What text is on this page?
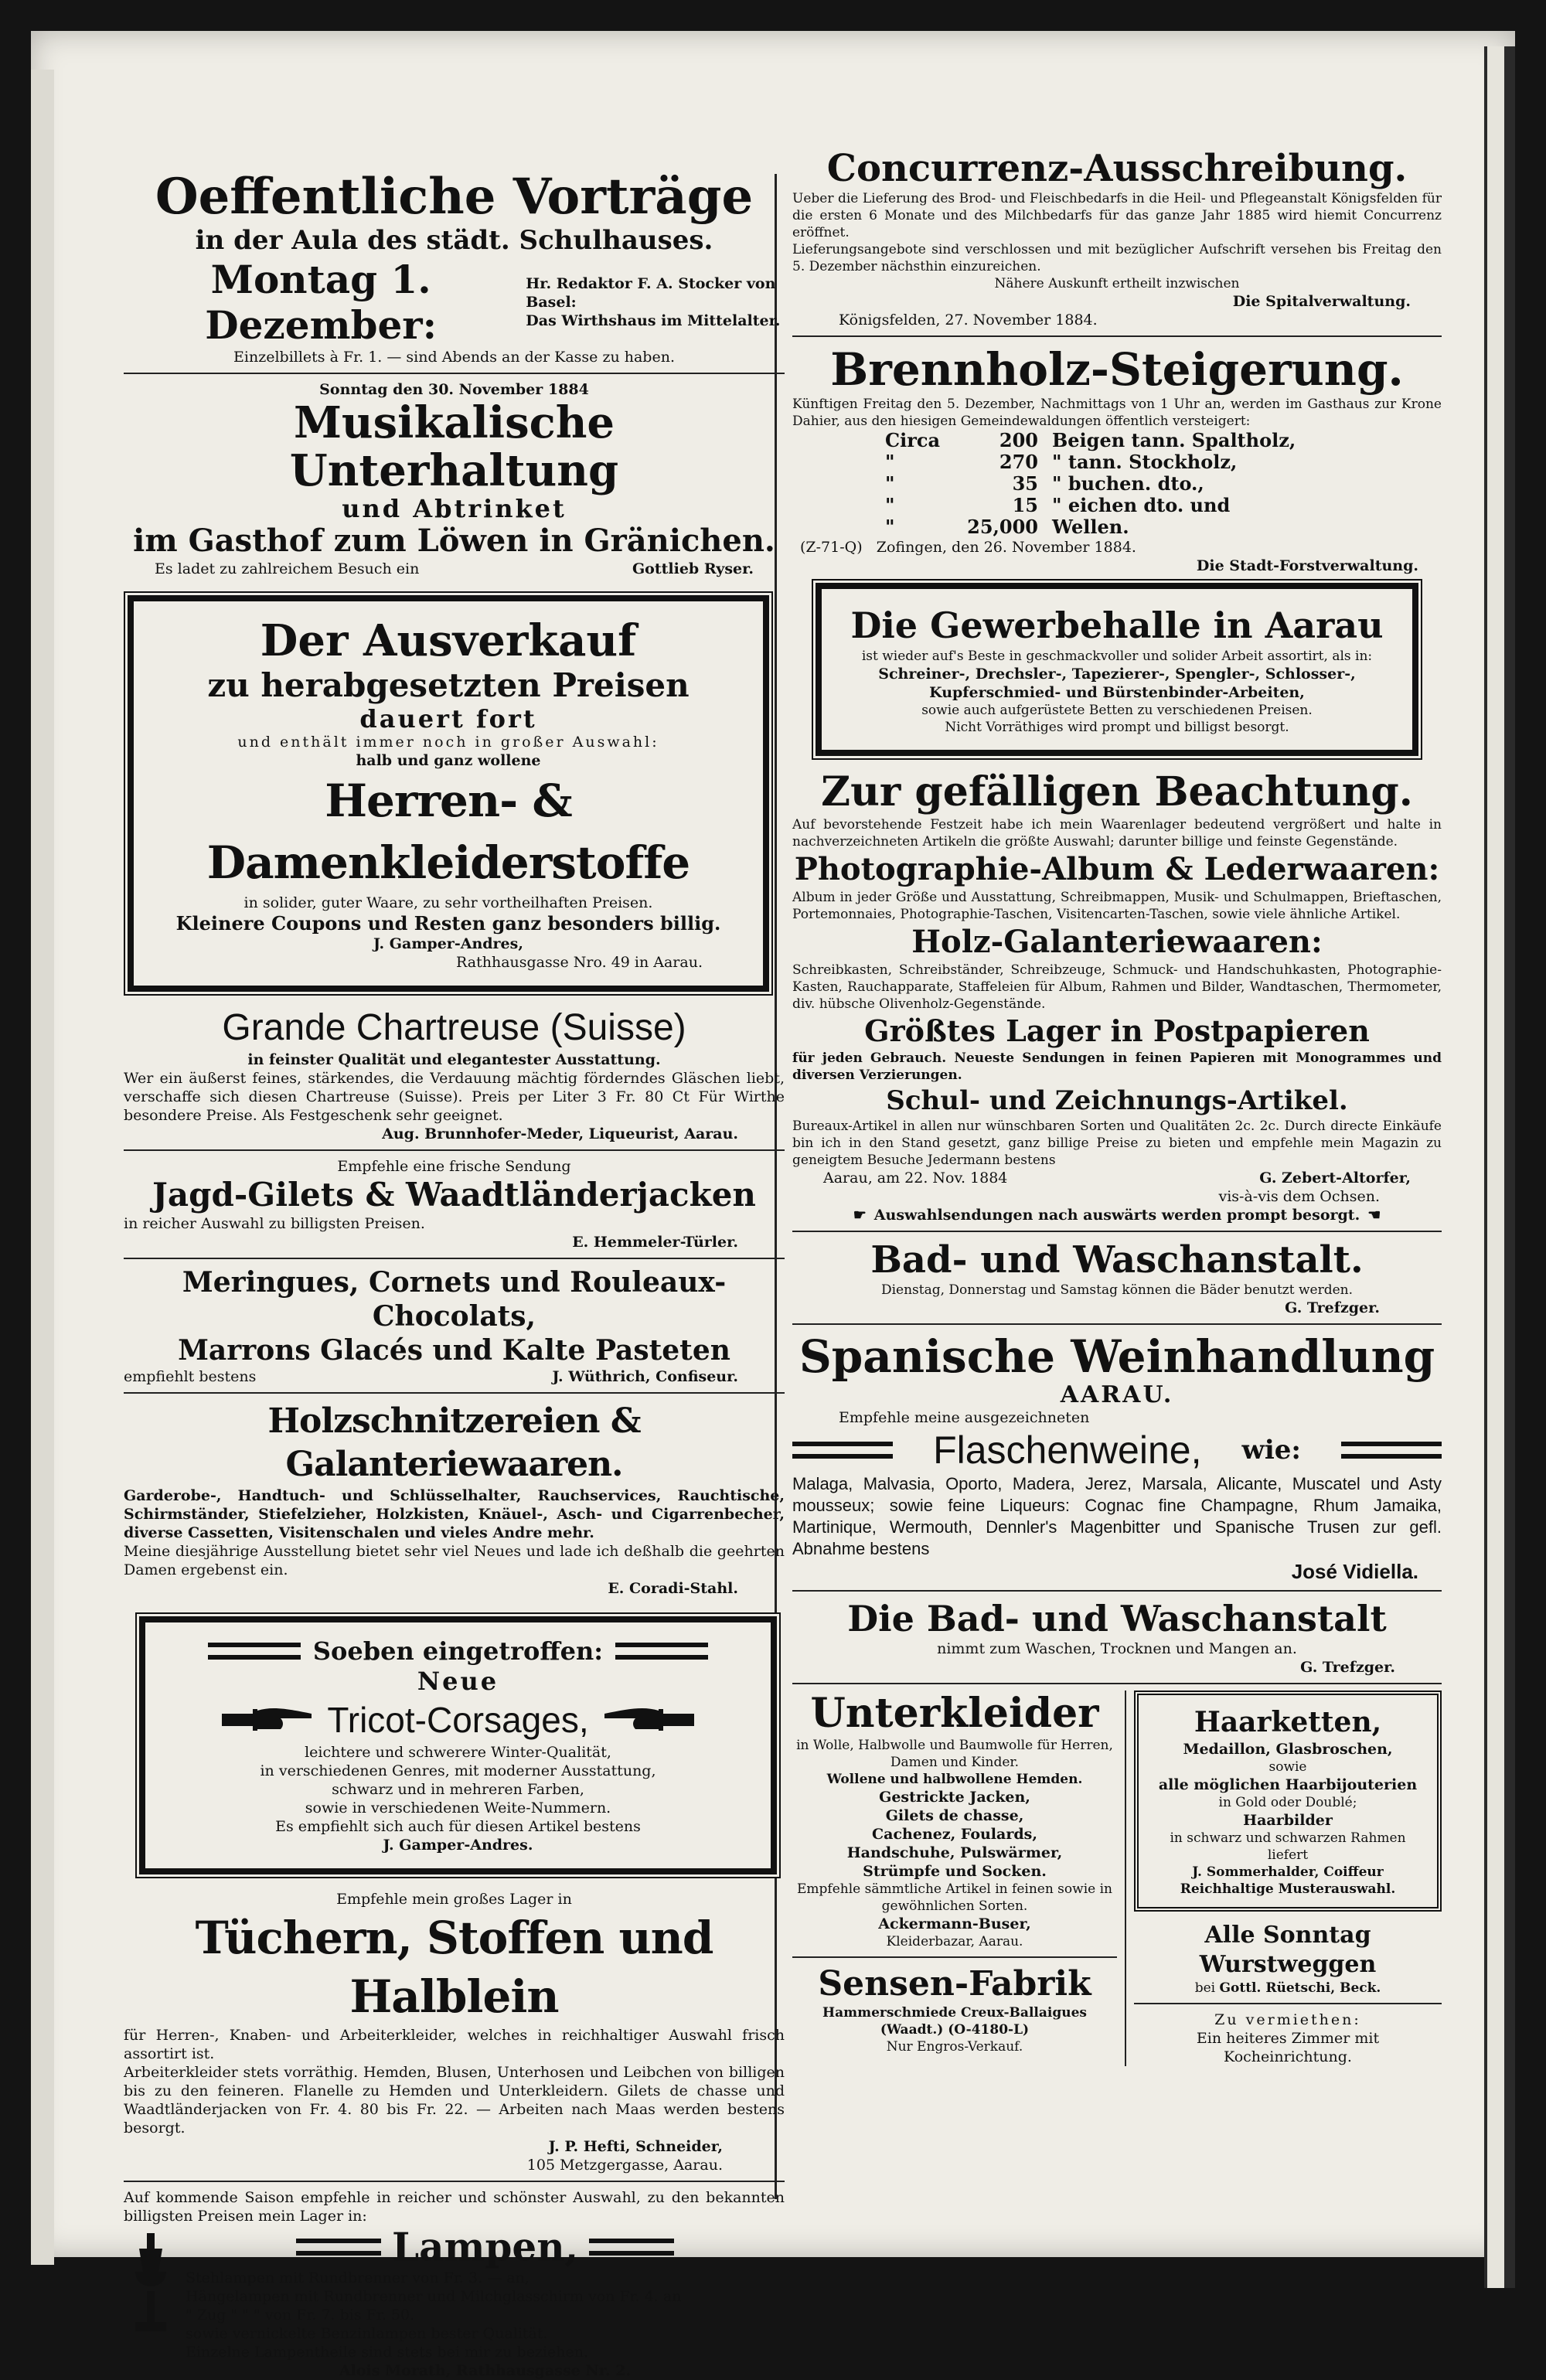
Oeffentliche Vorträge
in der Aula des städt. Schulhauses.
Montag 1. Dezember:
Hr. Redaktor F. A. Stocker von Basel:
Das Wirthshaus im Mittelalter.
Einzelbillets à Fr. 1. — sind Abends an der Kasse zu haben.
Sonntag den 30. November 1884
Musikalische Unterhaltung
und Abtrinket
im Gasthof zum Löwen in Gränichen.
Es ladet zu zahlreichem Besuch ein	Gottlieb Ryser.
Der Ausverkauf
zu herabgesetzten Preisen
dauert fort
und enthält immer noch in großer Auswahl:
halb und ganz wollene
Herren- & Damenkleiderstoffe
in solider, guter Waare, zu sehr vortheilhaften Preisen.
Kleinere Coupons und Resten ganz besonders billig.
J. Gamper-Andres,
Rathhausgasse Nro. 49 in Aarau.
Grande Chartreuse (Suisse)
in feinster Qualität und elegantester Ausstattung.
Wer ein äußerst feines, stärkendes, die Verdauung mächtig förderndes Gläschen liebt, verschaffe sich diesen Chartreuse (Suisse). Preis per Liter 3 Fr. 80 Ct Für Wirthe besondere Preise. Als Festgeschenk sehr geeignet.
Aug. Brunnhofer-Meder, Liqueurist, Aarau.
Empfehle eine frische Sendung
Jagd-Gilets & Waadtländerjacken
in reicher Auswahl zu billigsten Preisen.
E. Hemmeler-Türler.
Meringues, Cornets und Rouleaux-Chocolats,
Marrons Glacés und Kalte Pasteten
empfiehlt bestens	J. Wüthrich, Confiseur.
Holzschnitzereien & Galanteriewaaren.
Garderobe-, Handtuch- und Schlüsselhalter, Rauchservices, Rauchtische, Schirmständer, Stiefelzieher, Holzkisten, Knäuel-, Asch- und Cigarrenbecher, diverse Cassetten, Visitenschalen und vieles Andre mehr.
Meine diesjährige Ausstellung bietet sehr viel Neues und lade ich deßhalb die geehrten Damen ergebenst ein.
E. Coradi-Stahl.
Soeben eingetroffen:
Neue
Tricot-Corsages,
leichtere und schwerere Winter-Qualität,
in verschiedenen Genres, mit moderner Ausstattung,
schwarz und in mehreren Farben,
sowie in verschiedenen Weite-Nummern.
Es empfiehlt sich auch für diesen Artikel bestens
J. Gamper-Andres.
Empfehle mein großes Lager in
Tüchern, Stoffen und Halblein
für Herren-, Knaben- und Arbeiterkleider, welches in reichhaltiger Auswahl frisch assortirt ist.
Arbeiterkleider stets vorräthig. Hemden, Blusen, Unterhosen und Leibchen von billigen bis zu den feineren. Flanelle zu Hemden und Unterkleidern. Gilets de chasse und Waadtländerjacken von Fr. 4. 80 bis Fr. 22. — Arbeiten nach Maas werden bestens besorgt.
J. P. Hefti, Schneider,
105 Metzgergasse, Aarau.
Auf kommende Saison empfehle in reicher und schönster Auswahl, zu den bekannten billigsten Preisen mein Lager in:
Lampen,
Stehlampen mit Rundbrenner von Fr. 3. — an,
Hängelampen mit Rundbrenner und Milchglasschirm von Fr. 4. an
" Zug " " " von Fr. 7. bis Fr. 50.
sowie vernickelte Benzinlampen bester Qualität.
Einzelne Lampentheile sind stets bei mir zu beziehen.
Alois Morath, Rathhausgasse Nr. 2.
Concurrenz-Ausschreibung.
Ueber die Lieferung des Brod- und Fleischbedarfs in die Heil- und Pflegeanstalt Königsfelden für die ersten 6 Monate und des Milchbedarfs für das ganze Jahr 1885 wird hiemit Concurrenz eröffnet.
Lieferungsangebote sind verschlossen und mit bezüglicher Aufschrift versehen bis Freitag den 5. Dezember nächsthin einzureichen.
Nähere Auskunft ertheilt inzwischen
Die Spitalverwaltung.
Königsfelden, 27. November 1884.
Brennholz-Steigerung.
Künftigen Freitag den 5. Dezember, Nachmittags von 1 Uhr an, werden im Gasthaus zur Krone Dahier, aus den hiesigen Gemeindewaldungen öffentlich versteigert:
Circa	200 Beigen tann. Spaltholz,
"	270 " tann. Stockholz,
"	35 " buchen. dto.,
"	15 " eichen dto. und
"	25,000 Wellen.
(Z-71-Q) Zofingen, den 26. November 1884.
Die Stadt-Forstverwaltung.
Die Gewerbehalle in Aarau
ist wieder auf's Beste in geschmackvoller und solider Arbeit assortirt, als in:
Schreiner-, Drechsler-, Tapezierer-, Spengler-, Schlosser-,
Kupferschmied- und Bürstenbinder-Arbeiten,
sowie auch aufgerüstete Betten zu verschiedenen Preisen.
Nicht Vorräthiges wird prompt und billigst besorgt.
Zur gefälligen Beachtung.
Auf bevorstehende Festzeit habe ich mein Waarenlager bedeutend vergrößert und halte in nachverzeichneten Artikeln die größte Auswahl; darunter billige und feinste Gegenstände.
Photographie-Album & Lederwaaren:
Album in jeder Größe und Ausstattung, Schreibmappen, Musik- und Schulmappen, Brieftaschen, Portemonnaies, Photographie-Taschen, Visitencarten-Taschen, sowie viele ähnliche Artikel.
Holz-Galanteriewaaren:
Schreibkasten, Schreibständer, Schreibzeuge, Schmuck- und Handschuhkasten, Photographie-Kasten, Rauchapparate, Staffeleien für Album, Rahmen und Bilder, Wandtaschen, Thermometer, div. hübsche Olivenholz-Gegenstände.
Größtes Lager in Postpapieren
für jeden Gebrauch. Neueste Sendungen in feinen Papieren mit Monogrammes und diversen Verzierungen.
Schul- und Zeichnungs-Artikel.
Bureaux-Artikel in allen nur wünschbaren Sorten und Qualitäten 2c. 2c. Durch directe Einkäufe bin ich in den Stand gesetzt, ganz billige Preise zu bieten und empfehle mein Magazin zu geneigtem Besuche Jedermann bestens
Aarau, am 22. Nov. 1884	G. Zebert-Altorfer,
vis-à-vis dem Ochsen.
☛ Auswahlsendungen nach auswärts werden prompt besorgt. ☚
Bad- und Waschanstalt.
Dienstag, Donnerstag und Samstag können die Bäder benutzt werden.
G. Trefzger.
Spanische Weinhandlung
AARAU.
Empfehle meine ausgezeichneten
Flaschenweine, wie:
Malaga, Malvasia, Oporto, Madera, Jerez, Marsala, Alicante, Muscatel und Asty mousseux; sowie feine Liqueurs: Cognac fine Champagne, Rhum Jamaika, Martinique, Wermouth, Dennler's Magenbitter und Spanische Trusen zur gefl. Abnahme bestens
José Vidiella.
Die Bad- und Waschanstalt
nimmt zum Waschen, Trocknen und Mangen an.
G. Trefzger.
Unterkleider
in Wolle, Halbwolle und Baumwolle für Herren, Damen und Kinder.
Wollene und halbwollene Hemden.
Gestrickte Jacken,
Gilets de chasse,
Cachenez, Foulards,
Handschuhe, Pulswärmer,
Strümpfe und Socken.
Empfehle sämmtliche Artikel in feinen sowie in gewöhnlichen Sorten.
Ackermann-Buser,
Kleiderbazar, Aarau.
Sensen-Fabrik
Hammerschmiede Creux-Ballaigues
(Waadt.) (O-4180-L)
Nur Engros-Verkauf.
Haarketten,
Medaillon, Glasbroschen,
sowie
alle möglichen Haarbijouterien
in Gold oder Doublé;
Haarbilder
in schwarz und schwarzen Rahmen liefert
J. Sommerhalder, Coiffeur
Reichhaltige Musterauswahl.
Alle Sonntag Wurstweggen
bei Gottl. Rüetschi, Beck.
Zu vermiethen:
Ein heiteres Zimmer mit Kocheinrichtung.
